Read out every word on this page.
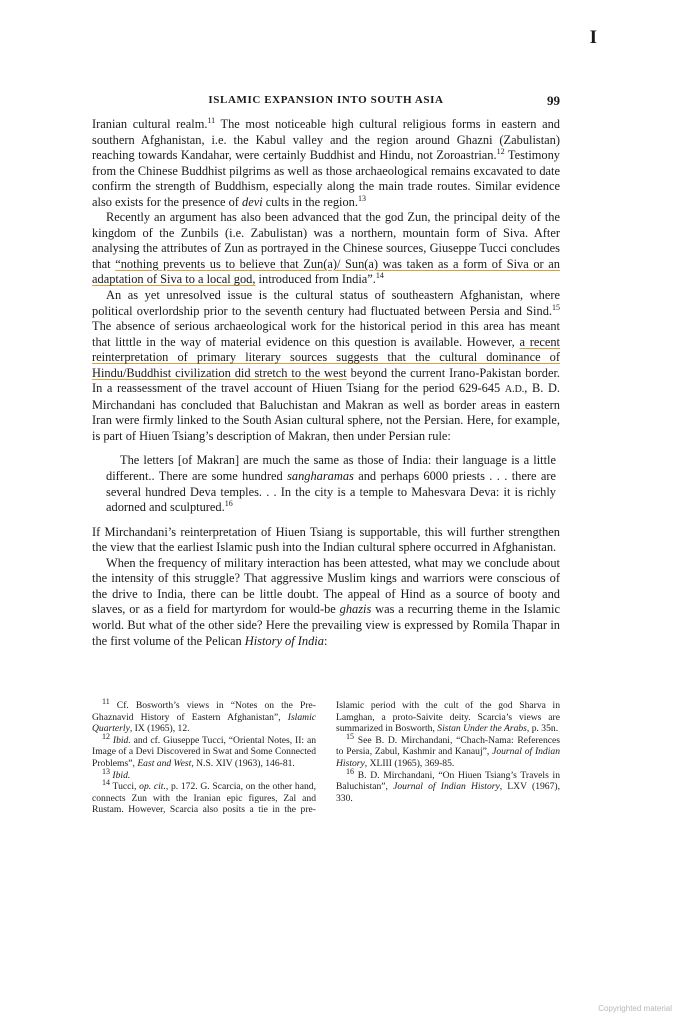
I
ISLAMIC EXPANSION INTO SOUTH ASIA	99

Iranian cultural realm.$^{11}$ The most noticeable high cultural religious forms in eastern and southern Afghanistan, i.e. the Kabul valley and the region around Ghazni (Zabulistan) reaching towards Kandahar, were certainly Buddhist and Hindu, not Zoroastrian.$^{12}$ Testimony from the Chinese Buddhist pilgrims as well as those archaeological remains excavated to date confirm the strength of Buddhism, especially along the main trade routes. Similar evidence also exists for the presence of devi cults in the region.$^{13}$

Recently an argument has also been advanced that the god Zun, the principal deity of the kingdom of the Zunbils (i.e. Zabulistan) was a northern, mountain form of Siva. After analysing the attributes of Zun as portrayed in the Chinese sources, Giuseppe Tucci concludes that “nothing prevents us to believe that Zun(a)/ Sun(a) was taken as a form of Siva or an adaptation of Siva to a local god, introduced from India”.$^{14}$

An as yet unresolved issue is the cultural status of southeastern Afghanistan, where political overlordship prior to the seventh century had fluctuated between Persia and Sind.$^{15}$ The absence of serious archaeological work for the historical period in this area has meant that litttle in the way of material evidence on this question is available. However, a recent reinterpretation of primary literary sources suggests that the cultural dominance of Hindu/Buddhist civilization did stretch to the west beyond the current Irano-Pakistan border. In a reassessment of the travel account of Hiuen Tsiang for the period 629-645 A.D., B. D. Mirchandani has concluded that Baluchistan and Makran as well as border areas in eastern Iran were firmly linked to the South Asian cultural sphere, not the Persian. Here, for example, is part of Hiuen Tsiang’s description of Makran, then under Persian rule:

The letters [of Makran] are much the same as those of India: their language is a little different.. There are some hundred sangharamas and perhaps 6000 priests . . . there are several hundred Deva temples. . . In the city is a temple to Mahesvara Deva: it is richly adorned and sculptured.$^{16}$

If Mirchandani’s reinterpretation of Hiuen Tsiang is supportable, this will further strengthen the view that the earliest Islamic push into the Indian cultural sphere occurred in Afghanistan.

When the frequency of military interaction has been attested, what may we conclude about the intensity of this struggle? That aggressive Muslim kings and warriors were conscious of the drive to India, there can be little doubt. The appeal of Hind as a source of booty and slaves, or as a field for martyrdom for would-be ghazis was a recurring theme in the Islamic world. But what of the other side? Here the prevailing view is expressed by Romila Thapar in the first volume of the Pelican History of India:

$^{11}$ Cf. Bosworth’s views in “Notes on the Pre-Ghaznavid History of Eastern Afghanistan”, Islamic Quarterly, IX (1965), 12.

$^{12}$ Ibid. and cf. Giuseppe Tucci, “Oriental Notes, II: an Image of a Devi Discovered in Swat and Some Connected Problems”, East and West, N.S. XIV (1963), 146-81.

$^{13}$ Ibid.

$^{14}$ Tucci, op. cit., p. 172. G. Scarcia, on the other hand, connects Zun with the Iranian epic figures, Zal and Rustam. However, Scarcia also posits a tie in the pre-Islamic period with the cult of the god Sharva in Lamghan, a proto-Saivite deity. Scarcia’s views are summarized in Bosworth, Sistan Under the Arabs, p. 35n.

$^{15}$ See B. D. Mirchandani, “Chach-Nama: References to Persia, Zabul, Kashmir and Kanauj”, Journal of Indian History, XLIII (1965), 369-85.

$^{16}$ B. D. Mirchandani, “On Hiuen Tsiang’s Travels in Baluchistan”, Journal of Indian History, LXV (1967), 330.

Copyrighted material
